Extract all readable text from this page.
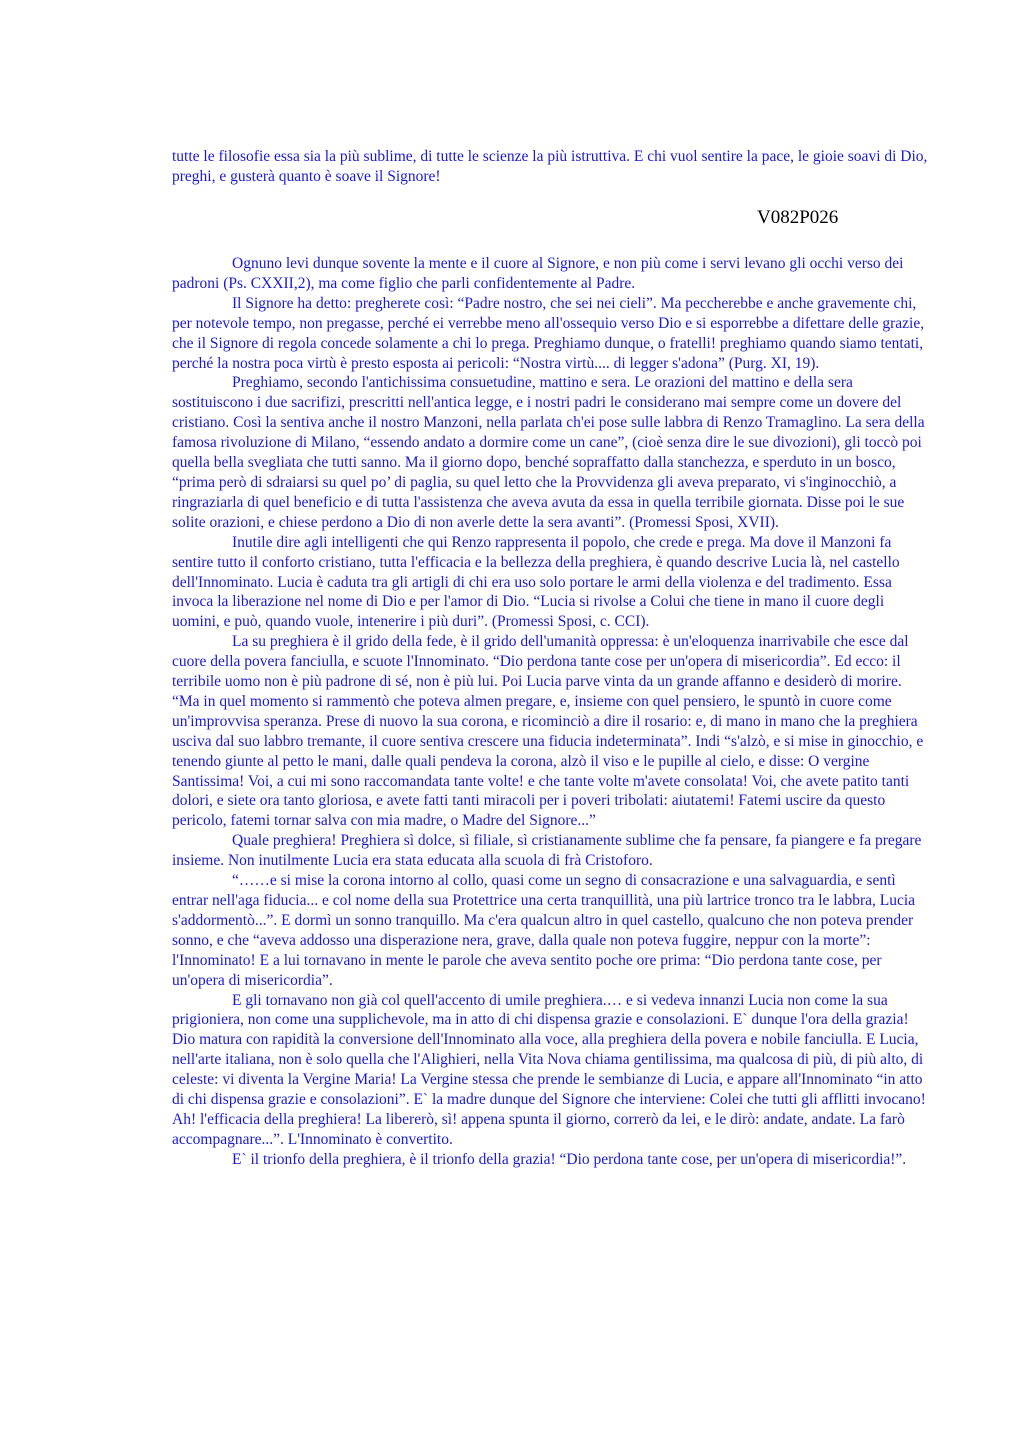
tutte le filosofie essa sia la più sublime, di tutte le scienze la più istruttiva. E chi vuol sentire la pace, le gioie soavi di Dio, preghi, e gusterà quanto è soave il Signore!

V082P026

Ognuno levi dunque sovente la mente e il cuore al Signore, e non più come i servi levano gli occhi verso dei padroni (Ps. CXXII,2), ma come figlio che parli confidentemente al Padre.

Il Signore ha detto: pregherete così: “Padre nostro, che sei nei cieli”. Ma peccherebbe e anche gravemente chi, per notevole tempo, non pregasse, perché ei verrebbe meno all'ossequio verso Dio e si esporrebbe a difettare delle grazie, che il Signore di regola concede solamente a chi lo prega. Preghiamo dunque, o fratelli! preghiamo quando siamo tentati, perché la nostra poca virtù è presto esposta ai pericoli: “Nostra virtù.... di legger s'adona” (Purg. XI, 19).

Preghiamo, secondo l'antichissima consuetudine, mattino e sera. Le orazioni del mattino e della sera sostituiscono i due sacrifizi, prescritti nell'antica legge, e i nostri padri le considerano mai sempre come un dovere del cristiano. Così la sentiva anche il nostro Manzoni, nella parlata ch'ei pose sulle labbra di Renzo Tramaglino. La sera della famosa rivoluzione di Milano, “essendo andato a dormire come un cane”, (cioè senza dire le sue divozioni), gli toccò poi quella bella svegliata che tutti sanno. Ma il giorno dopo, benché sopraffatto dalla stanchezza, e sperduto in un bosco, “prima però di sdraiarsi su quel po’ di paglia, su quel letto che la Provvidenza gli aveva preparato, vi s'inginocchiò, a ringraziarla di quel beneficio e di tutta l'assistenza che aveva avuta da essa in quella terribile giornata. Disse poi le sue solite orazioni, e chiese perdono a Dio di non averle dette la sera avanti”. (Promessi Sposi, XVII).

Inutile dire agli intelligenti che qui Renzo rappresenta il popolo, che crede e prega. Ma dove il Manzoni fa sentire tutto il conforto cristiano, tutta l'efficacia e la bellezza della preghiera, è quando descrive Lucia là, nel castello dell'Innominato. Lucia è caduta tra gli artigli di chi era uso solo portare le armi della violenza e del tradimento. Essa invoca la liberazione nel nome di Dio e per l'amor di Dio. “Lucia si rivolse a Colui che tiene in mano il cuore degli uomini, e può, quando vuole, intenerire i più duri”. (Promessi Sposi, c. CCI).

La su preghiera è il grido della fede, è il grido dell'umanità oppressa: è un'eloquenza inarrivabile che esce dal cuore della povera fanciulla, e scuote l'Innominato. “Dio perdona tante cose per un'opera di misericordia”. Ed ecco: il terribile uomo non è più padrone di sé, non è più lui. Poi Lucia parve vinta da un grande affanno e desiderò di morire. “Ma in quel momento si rammentò che poteva almen pregare, e, insieme con quel pensiero, le spuntò in cuore come un'improvvisa speranza. Prese di nuovo la sua corona, e ricominciò a dire il rosario: e, di mano in mano che la preghiera usciva dal suo labbro tremante, il cuore sentiva crescere una fiducia indeterminata”. Indi “s'alzò, e si mise in ginocchio, e tenendo giunte al petto le mani, dalle quali pendeva la corona, alzò il viso e le pupille al cielo, e disse: O vergine Santissima! Voi, a cui mi sono raccomandata tante volte! e che tante volte m'avete consolata! Voi, che avete patito tanti dolori, e siete ora tanto gloriosa, e avete fatti tanti miracoli per i poveri tribolati: aiutatemi! Fatemi uscire da questo pericolo, fatemi tornar salva con mia madre, o Madre del Signore...”

Quale preghiera! Preghiera sì dolce, sì filiale, sì cristianamente sublime che fa pensare, fa piangere e fa pregare insieme. Non inutilmente Lucia era stata educata alla scuola di frà Cristoforo.

“……e si mise la corona intorno al collo, quasi come un segno di consacrazione e una salvaguardia, e sentì entrar nell'aga fiducia... e col nome della sua Protettrice una certa tranquillità, una più lartrice tronco tra le labbra, Lucia s'addormentò...”. E dormì un sonno tranquillo. Ma c'era qualcun altro in quel castello, qualcuno che non poteva prender sonno, e che “aveva addosso una disperazione nera, grave, dalla quale non poteva fuggire, neppur con la morte”: l'Innominato! E a lui tornavano in mente le parole che aveva sentito poche ore prima: “Dio perdona tante cose, per un'opera di misericordia”.

E gli tornavano non già col quell'accento di umile preghiera.… e si vedeva innanzi Lucia non come la sua prigioniera, non come una supplichevole, ma in atto di chi dispensa grazie e consolazioni. E` dunque l'ora della grazia! Dio matura con rapidità la conversione dell'Innominato alla voce, alla preghiera della povera e nobile fanciulla. E Lucia, nell'arte italiana, non è solo quella che l'Alighieri, nella Vita Nova chiama gentilissima, ma qualcosa di più, di più alto, di celeste: vi diventa la Vergine Maria! La Vergine stessa che prende le sembianze di Lucia, e appare all'Innominato “in atto di chi dispensa grazie e consolazioni”. E` la madre dunque del Signore che interviene: Colei che tutti gli afflitti invocano! Ah! l'efficacia della preghiera! La libererò, sì! appena spunta il giorno, correrò da lei, e le dirò: andate, andate. La farò accompagnare...”. L'Innominato è convertito.

E` il trionfo della preghiera, è il trionfo della grazia! “Dio perdona tante cose, per un'opera di misericordia!”.
